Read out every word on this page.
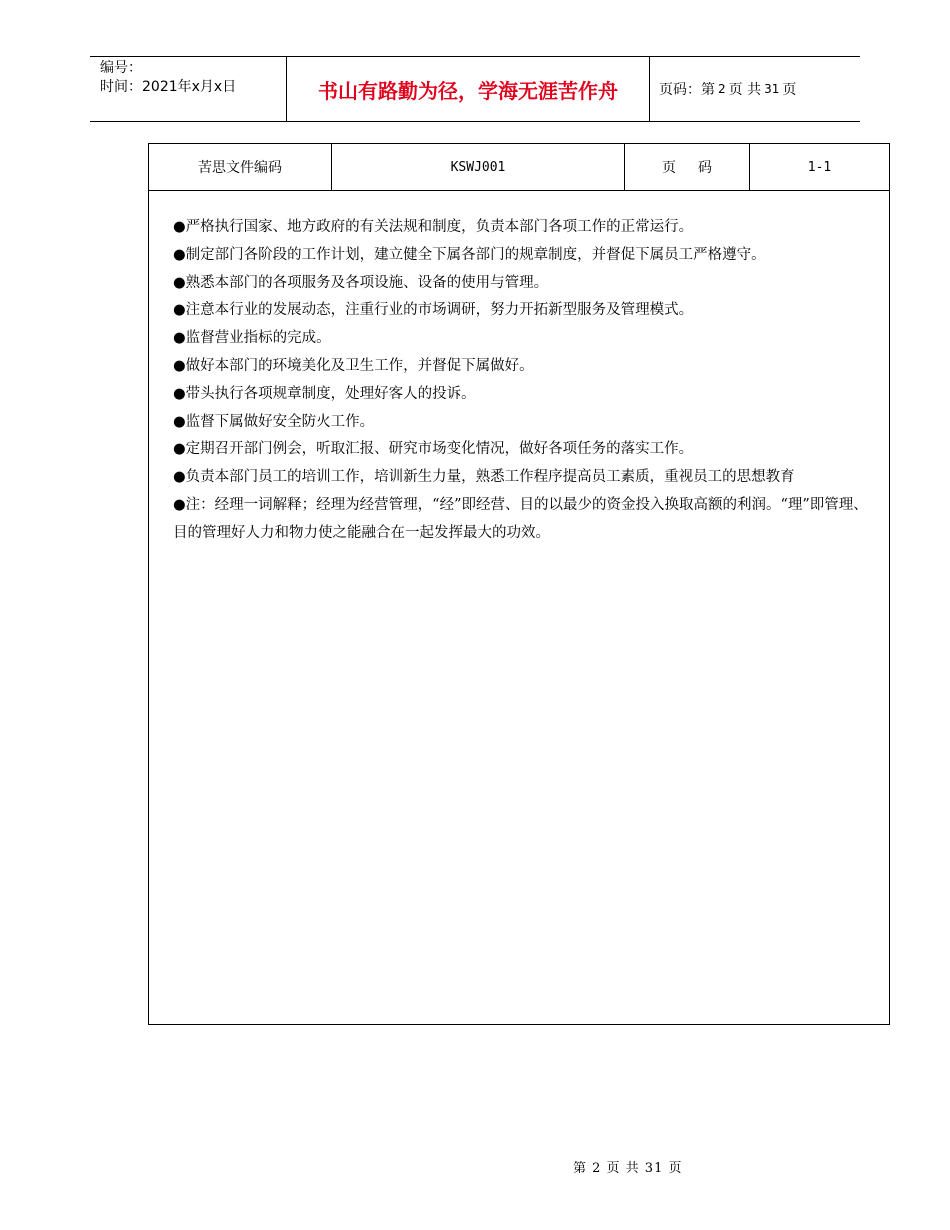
编号：
时间：2021年x月x日	书山有路勤为径，学海无涯苦作舟	页码：第 2 页 共 31 页
苦思文件编码	KSWJ001	页码	1-1

●严格执行国家、地方政府的有关法规和制度，负责本部门各项工作的正常运行。

●制定部门各阶段的工作计划，建立健全下属各部门的规章制度，并督促下属员工严格遵守。

●熟悉本部门的各项服务及各项设施、设备的使用与管理。

●注意本行业的发展动态，注重行业的市场调研，努力开拓新型服务及管理模式。

●监督营业指标的完成。

●做好本部门的环境美化及卫生工作，并督促下属做好。

●带头执行各项规章制度，处理好客人的投诉。

●监督下属做好安全防火工作。

●定期召开部门例会，听取汇报、研究市场变化情况，做好各项任务的落实工作。

●负责本部门员工的培训工作，培训新生力量，熟悉工作程序提高员工素质，重视员工的思想教育

●注：经理一词解释；经理为经营管理，“经”即经营、目的以最少的资金投入换取高额的利润。“理”即管理、目的管理好人力和物力使之能融合在一起发挥最大的功效。

第 2 页 共 31 页
